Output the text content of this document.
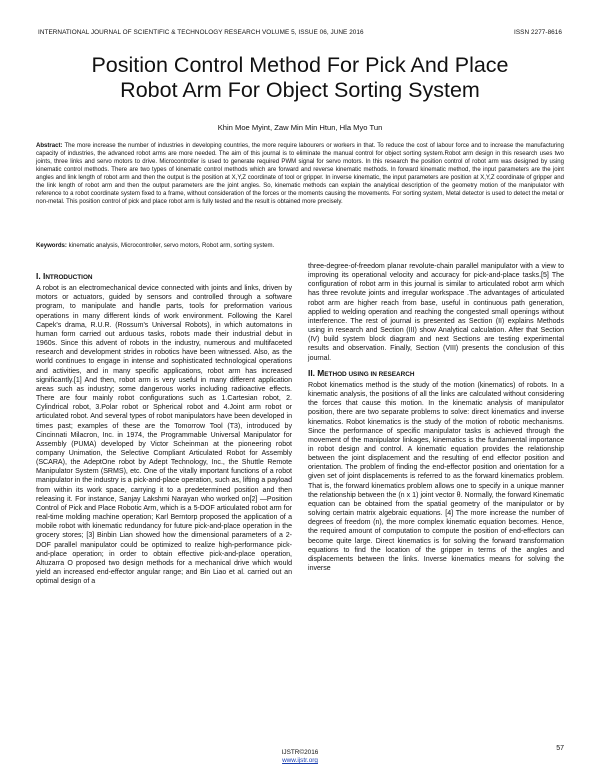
INTERNATIONAL JOURNAL OF SCIENTIFIC & TECHNOLOGY RESEARCH VOLUME 5, ISSUE 06, JUNE 2016	ISSN 2277-8616
Position Control Method For Pick And Place
Robot Arm For Object Sorting System
Khin Moe Myint, Zaw Min Min Htun, Hla Myo Tun
Abstract: The more increase the number of industries in developing countries, the more require labourers or workers in that. To reduce the cost of labour force and to increase the manufacturing capacity of industries, the advanced robot arms are more needed. The aim of this journal is to eliminate the manual control for object sorting system.Robot arm design in this research uses two joints, three links and servo motors to drive. Microcontroller is used to generate required PWM signal for servo motors. In this research the position control of robot arm was designed by using kinematic control methods. There are two types of kinematic control methods which are forward and reverse kinematic methods. In forward kinematic method, the input parameters are the joint angles and link length of robot arm and then the output is the position at X,Y,Z coordinate of tool or gripper. In inverse kinematic, the input parameters are position at X,Y,Z coordinate of gripper and the link length of robot arm and then the output parameters are the joint angles. So, kinematic methods can explain the analytical description of the geometry motion of the manipulator with reference to a robot coordinate system fixed to a frame, without consideration of the forces or the moments causing the movements. For sorting system, Metal detector is used to detect the metal or non-metal. This position control of pick and place robot arm is fully tested and the result is obtained more precisely.
Keywords: kinematic analysis, Microcontroller, servo motors, Robot arm, sorting system.
I. INTRODUCTION

A robot is an electromechanical device connected with joints and links, driven by motors or actuators, guided by sensors and controlled through a software program, to manipulate and handle parts, tools for preformation various operations in many different kinds of work environment. Following the Karel Capek's drama, R.U.R. (Rossum's Universal Robots), in which automatons in human form carried out arduous tasks, robots made their industrial debut in 1960s. Since this advent of robots in the industry, numerous and multifaceted research and development strides in robotics have been witnessed. Also, as the world continues to engage in intense and sophisticated technological operations and activities, and in many specific applications, robot arm has increased significantly.[1] And then, robot arm is very useful in many different application areas such as industry; some dangerous works including radioactive effects. There are four mainly robot configurations such as 1.Cartesian robot, 2. Cylindrical robot, 3.Polar robot or Spherical robot and 4.Joint arm robot or articulated robot. And several types of robot manipulators have been developed in times past; examples of these are the Tomorrow Tool (T3), introduced by Cincinnati Milacron, Inc. in 1974, the Programmable Universal Manipulator for Assembly (PUMA) developed by Victor Scheinman at the pioneering robot company Unimation, the Selective Compliant Articulated Robot for Assembly (SCARA), the AdeptOne robot by Adept Technology, Inc., the Shuttle Remote Manipulator System (SRMS), etc. One of the vitally important functions of a robot manipulator in the industry is a pick-and-place operation, such as, lifting a payload from within its work space, carrying it to a predetermined position and then releasing it. For instance, Sanjay Lakshmi Narayan who worked on[2] —Position Control of Pick and Place Robotic Arm, which is a 5-DOF articulated robot arm for real-time molding machine operation; Karl Berntorp proposed the application of a mobile robot with kinematic redundancy for future pick-and-place operation in the grocery stores; [3] Binbin Lian showed how the dimensional parameters of a 2-DOF parallel manipulator could be optimized to realize high-performance pick-and-place operation; in order to obtain effective pick-and-place operation, Altuzarra O proposed two design methods for a mechanical drive which would yield an increased end-effector angular range; and Bin Liao et al. carried out an optimal design of a

three-degree-of-freedom planar revolute-chain parallel manipulator with a view to improving its operational velocity and accuracy for pick-and-place tasks.[5] The configuration of robot arm in this journal is similar to articulated robot arm which has three revolute joints and irregular workspace .The advantages of articulated robot arm are higher reach from base, useful in continuous path generation, applied to welding operation and reaching the congested small openings without interference. The rest of journal is presented as Section (II) explains Methods using in research and Section (III) show Analytical calculation. After that Section (IV) build system block diagram and next Sections are testing experimental results and observation. Finally, Section (VIII) presents the conclusion of this journal.

II. METHOD USING IN RESEARCH

Robot kinematics method is the study of the motion (kinematics) of robots. In a kinematic analysis, the positions of all the links are calculated without considering the forces that cause this motion. In the kinematic analysis of manipulator position, there are two separate problems to solve: direct kinematics and inverse kinematics. Robot kinematics is the study of the motion of robotic mechanisms. Since the performance of specific manipulator tasks is achieved through the movement of the manipulator linkages, kinematics is the fundamental importance in robot design and control. A kinematic equation provides the relationship between the joint displacement and the resulting of end effector position and orientation. The problem of finding the end-effector position and orientation for a given set of joint displacements is referred to as the forward kinematics problem. That is, the forward kinematics problem allows one to specify in a unique manner the relationship between the (n x 1) joint vector θ. Normally, the forward Kinematic equation can be obtained from the spatial geometry of the manipulator or by solving certain matrix algebraic equations. [4] The more increase the number of degrees of freedom (n), the more complex kinematic equation becomes. Hence, the required amount of computation to compute the position of end-effectors can become quite large. Direct kinematics is for solving the forward transformation equations to find the location of the gripper in terms of the angles and displacements between the links. Inverse kinematics means for solving the inverse

57
IJSTR©2016
www.ijstr.org
